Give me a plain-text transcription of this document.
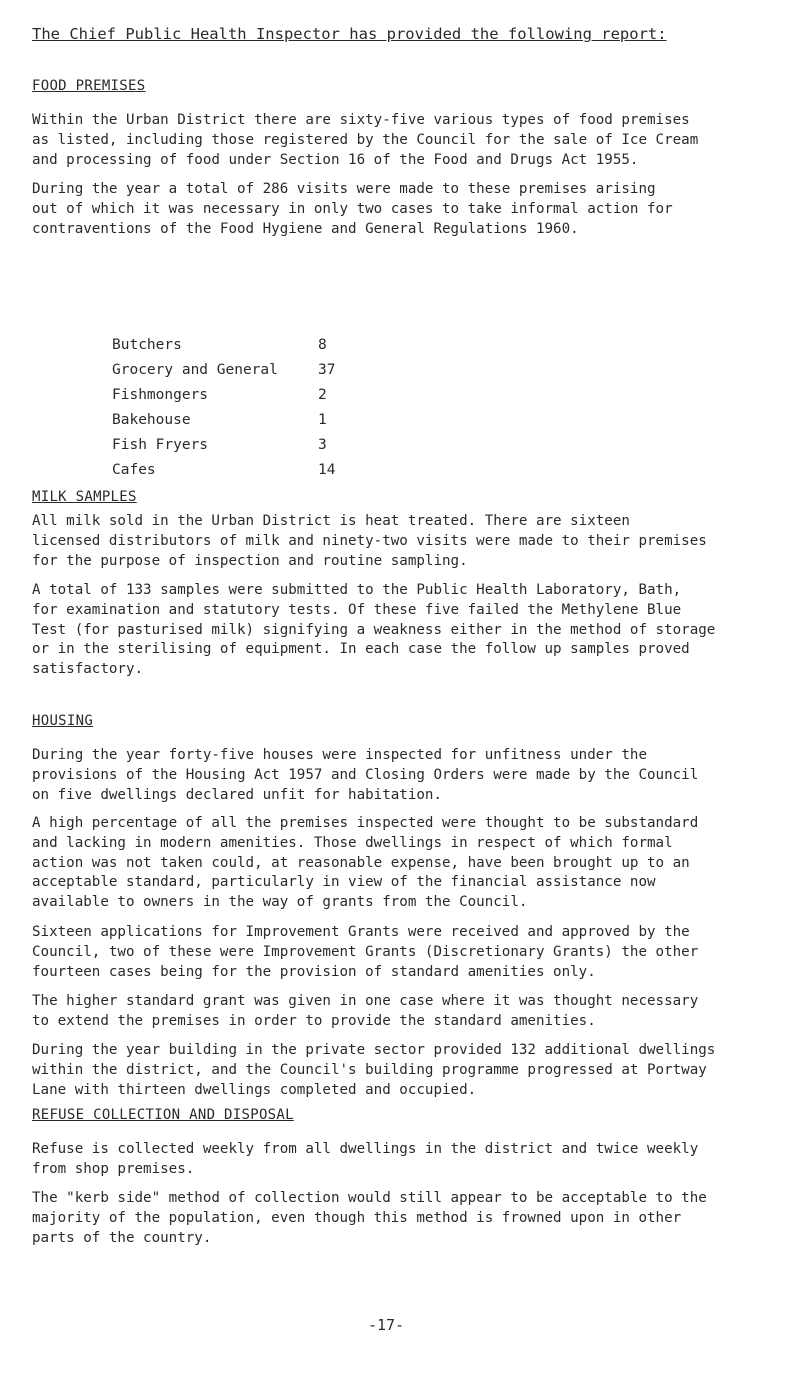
The Chief Public Health Inspector has provided the following report:
FOOD PREMISES

Within the Urban District there are sixty-five various types of food premises
as listed, including those registered by the Council for the sale of Ice Cream
and processing of food under Section 16 of the Food and Drugs Act 1955.

During the year a total of 286 visits were made to these premises arising
out of which it was necessary in only two cases to take informal action for
contraventions of the Food Hygiene and General Regulations 1960.

Butchers	8
Grocery and General	37
Fishmongers	2
Bakehouse	1
Fish Fryers	3
Cafes	14
MILK SAMPLES

All milk sold in the Urban District is heat treated. There are sixteen
licensed distributors of milk and ninety-two visits were made to their premises
for the purpose of inspection and routine sampling.

A total of 133 samples were submitted to the Public Health Laboratory, Bath,
for examination and statutory tests. Of these five failed the Methylene Blue
Test (for pasturised milk) signifying a weakness either in the method of storage
or in the sterilising of equipment. In each case the follow up samples proved
satisfactory.

HOUSING

During the year forty-five houses were inspected for unfitness under the
provisions of the Housing Act 1957 and Closing Orders were made by the Council
on five dwellings declared unfit for habitation.

A high percentage of all the premises inspected were thought to be substandard
and lacking in modern amenities. Those dwellings in respect of which formal
action was not taken could, at reasonable expense, have been brought up to an
acceptable standard, particularly in view of the financial assistance now
available to owners in the way of grants from the Council.

Sixteen applications for Improvement Grants were received and approved by the
Council, two of these were Improvement Grants (Discretionary Grants) the other
fourteen cases being for the provision of standard amenities only.

The higher standard grant was given in one case where it was thought necessary
to extend the premises in order to provide the standard amenities.

During the year building in the private sector provided 132 additional dwellings
within the district, and the Council's building programme progressed at Portway
Lane with thirteen dwellings completed and occupied.

REFUSE COLLECTION AND DISPOSAL

Refuse is collected weekly from all dwellings in the district and twice weekly
from shop premises.

The "kerb side" method of collection would still appear to be acceptable to the
majority of the population, even though this method is frowned upon in other
parts of the country.

-17-
